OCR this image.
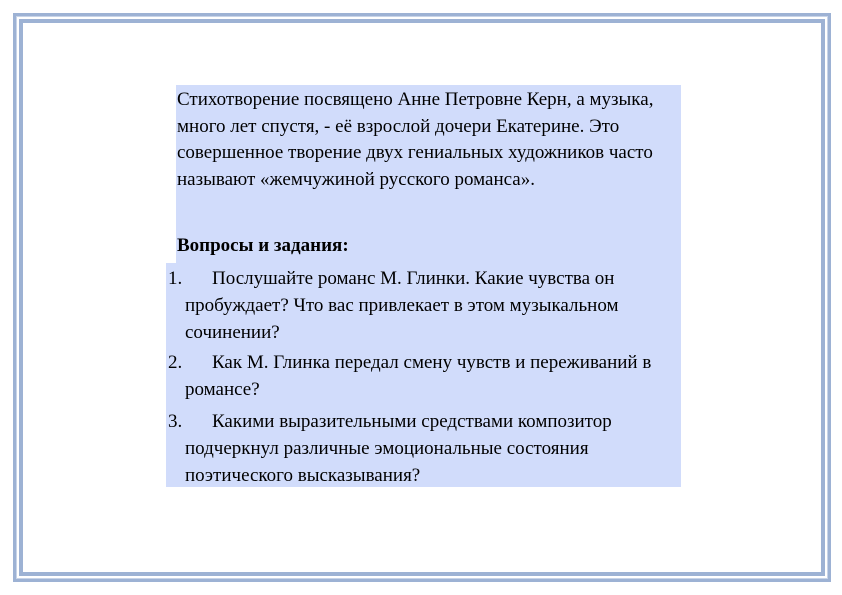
Стихотворение посвящено Анне Петровне Керн, а музыка, много лет спустя, - её взрослой дочери Екатерине. Это совершенное творение двух гениальных художников часто называют «жемчужиной русского романса».

Вопросы и задания:
1.	Послушайте романс М. Глинки. Какие чувства он пробуждает? Что вас привлекает в этом музыкальном сочинении?
2.	Как М. Глинка передал смену чувств и переживаний в романсе?
3.	Какими выразительными средствами композитор подчеркнул различные эмоциональные состояния поэтического высказывания?
